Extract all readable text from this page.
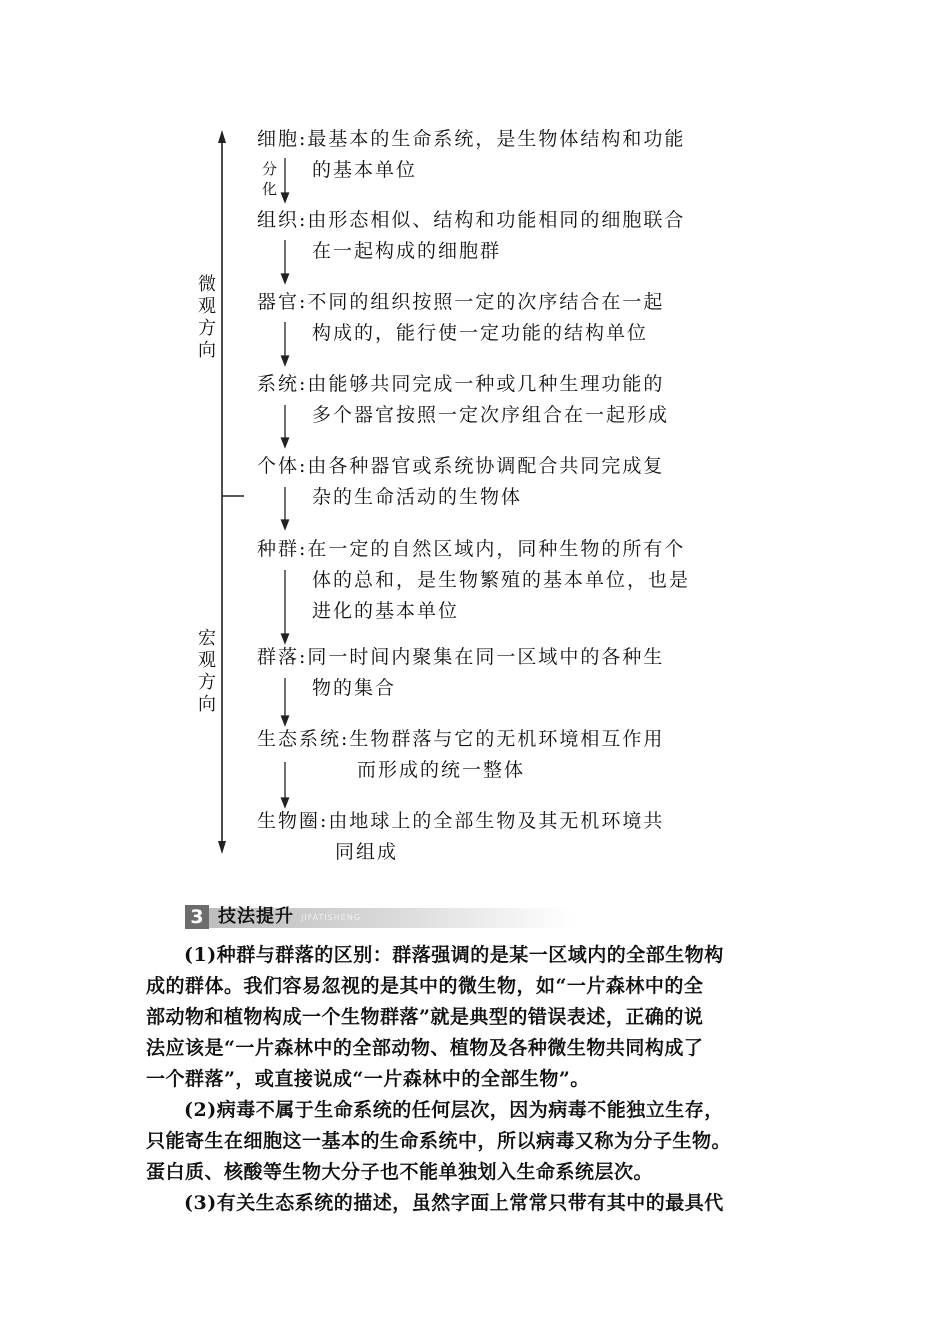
微观方向
宏观方向
分
化
细胞:最基本的生命系统，是生物体结构和功能
的基本单位
组织:由形态相似、结构和功能相同的细胞联合
在一起构成的细胞群
器官:不同的组织按照一定的次序结合在一起
构成的，能行使一定功能的结构单位
系统:由能够共同完成一种或几种生理功能的
多个器官按照一定次序组合在一起形成
个体:由各种器官或系统协调配合共同完成复
杂的生命活动的生物体
种群:在一定的自然区域内，同种生物的所有个
体的总和，是生物繁殖的基本单位，也是
进化的基本单位
群落:同一时间内聚集在同一区域中的各种生
物的集合
生态系统:生物群落与它的无机环境相互作用
而形成的统一整体
生物圈:由地球上的全部生物及其无机环境共
同组成
3 技法提升 JIFATISHENG
(1)种群与群落的区别：群落强调的是某一区域内的全部生物构
成的群体。我们容易忽视的是其中的微生物，如“一片森林中的全
部动物和植物构成一个生物群落”就是典型的错误表述，正确的说
法应该是“一片森林中的全部动物、植物及各种微生物共同构成了
一个群落”，或直接说成“一片森林中的全部生物”。
(2)病毒不属于生命系统的任何层次，因为病毒不能独立生存，
只能寄生在细胞这一基本的生命系统中，所以病毒又称为分子生物。
蛋白质、核酸等生物大分子也不能单独划入生命系统层次。
(3)有关生态系统的描述，虽然字面上常常只带有其中的最具代
